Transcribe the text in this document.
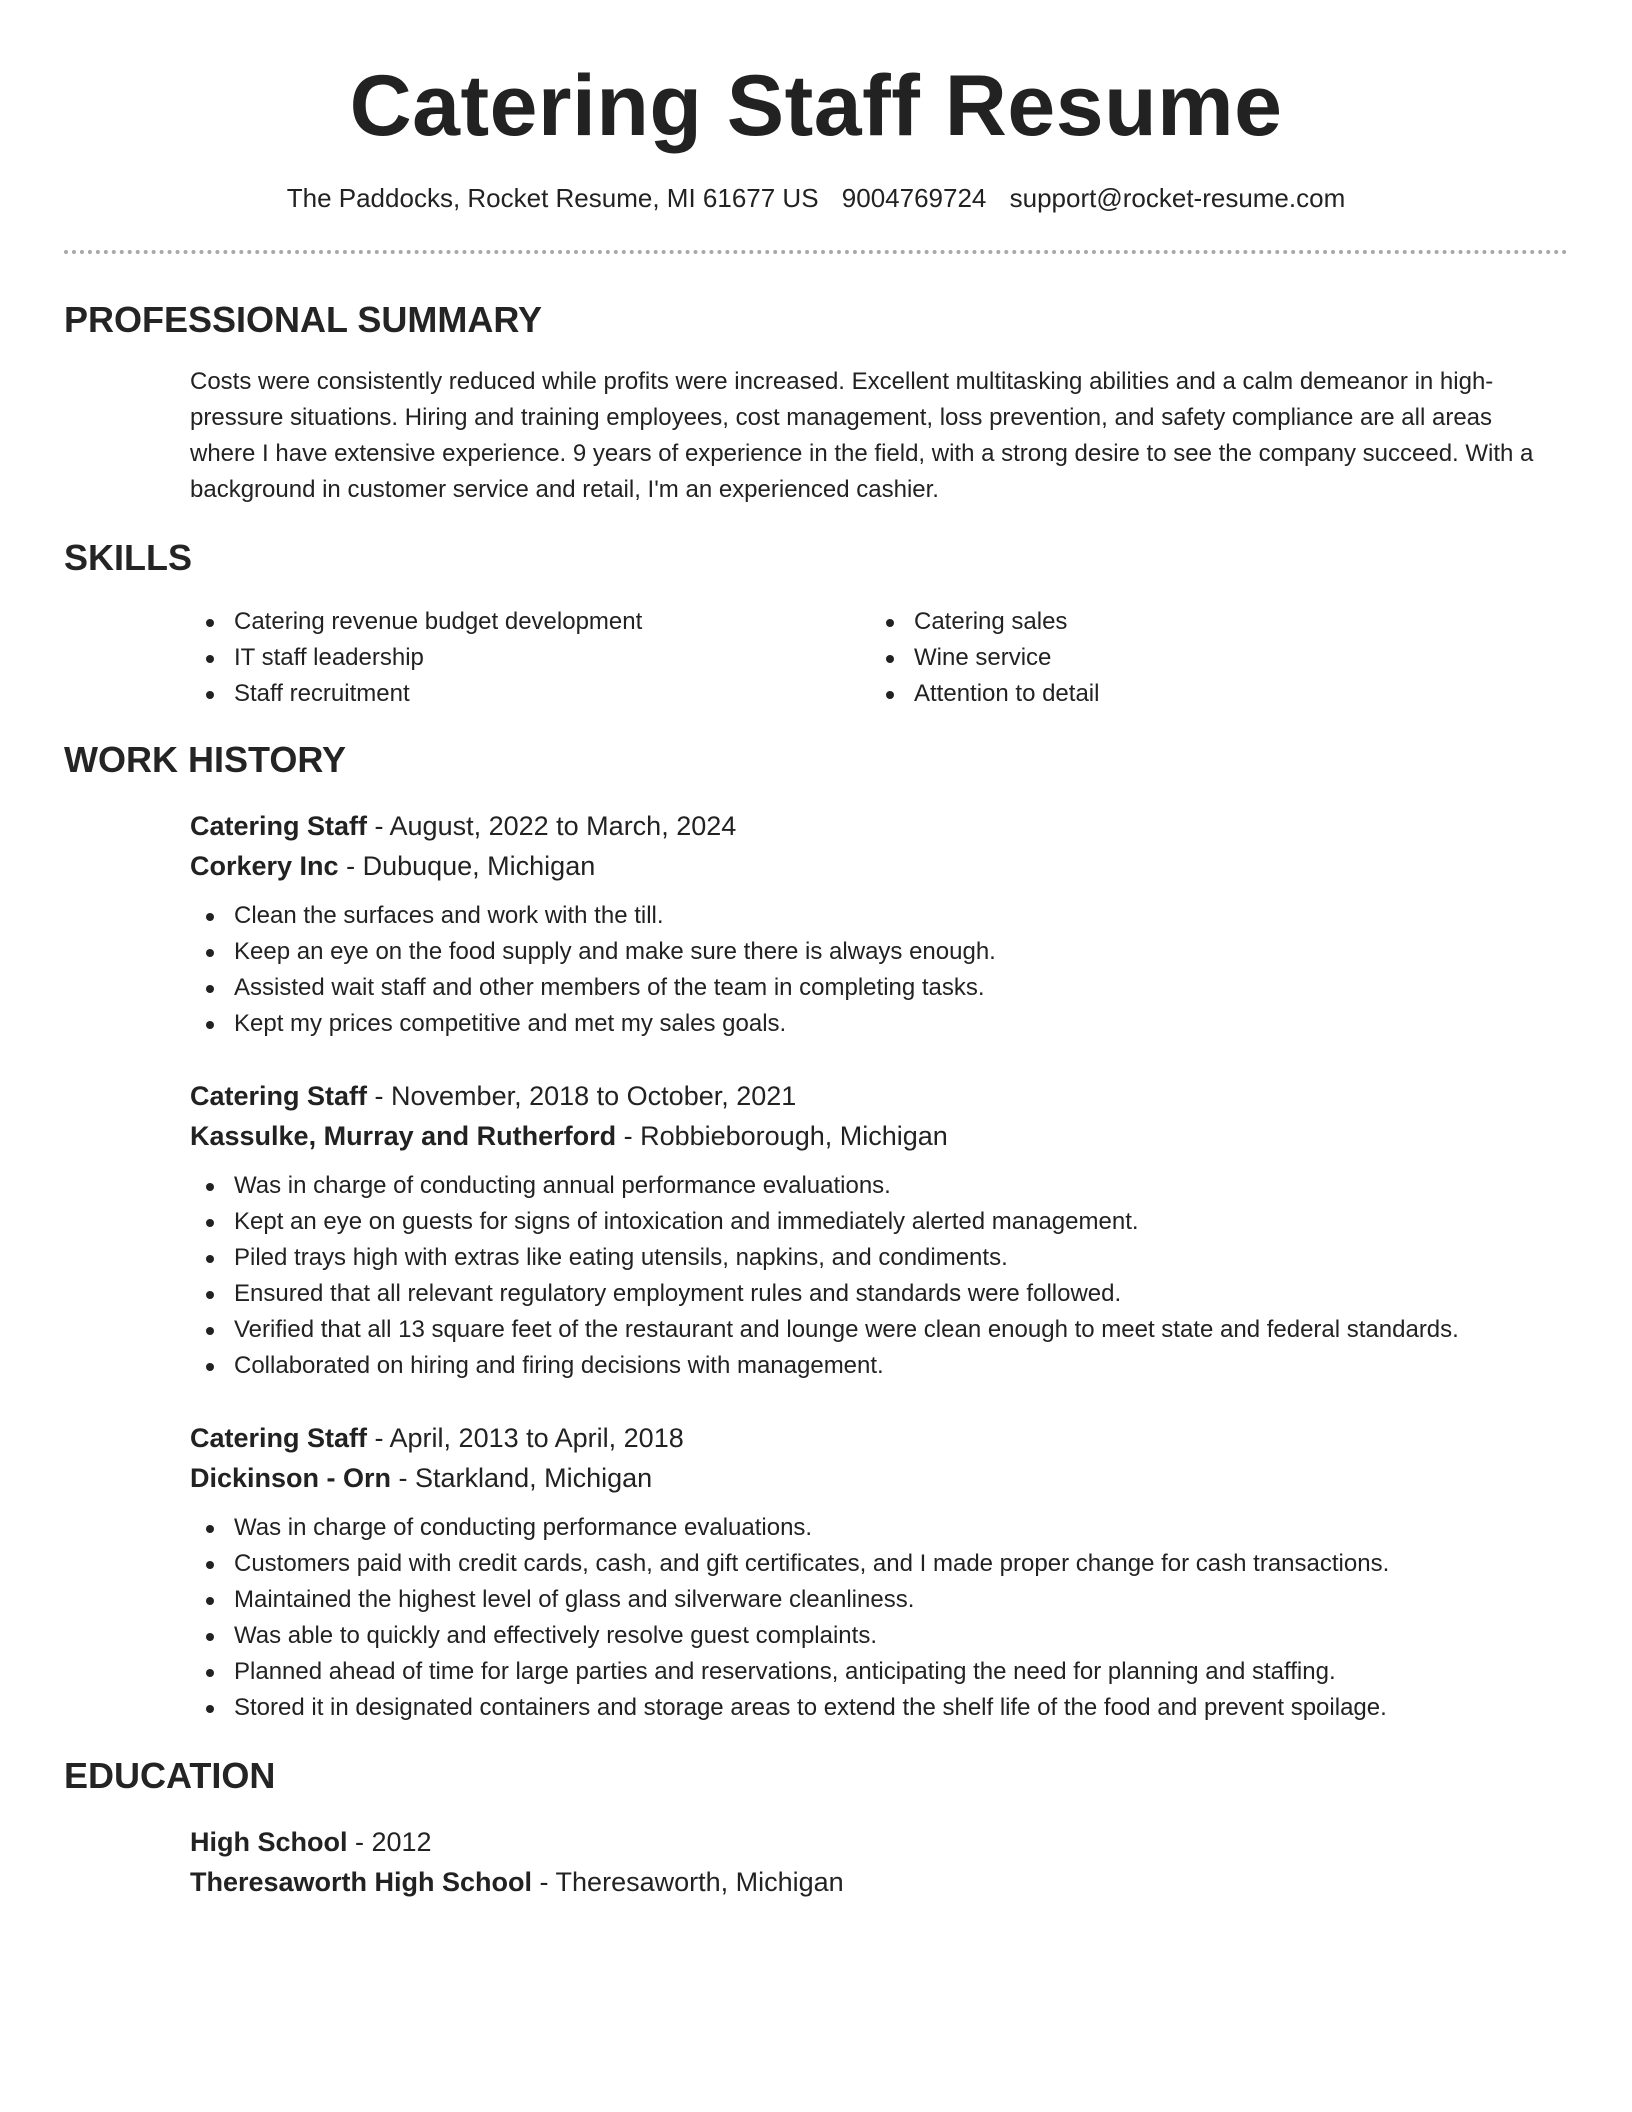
Catering Staff Resume
The Paddocks, Rocket Resume, MI 61677 US 9004769724 support@rocket-resume.com
PROFESSIONAL SUMMARY

Costs were consistently reduced while profits were increased. Excellent multitasking abilities and a calm demeanor in high-pressure situations. Hiring and training employees, cost management, loss prevention, and safety compliance are all areas where I have extensive experience. 9 years of experience in the field, with a strong desire to see the company succeed. With a background in customer service and retail, I'm an experienced cashier.

SKILLS
Catering revenue budget development
IT staff leadership
Staff recruitment
Catering sales
Wine service
Attention to detail
WORK HISTORY
Catering Staff - August, 2022 to March, 2024
Corkery Inc - Dubuque, Michigan
Clean the surfaces and work with the till.
Keep an eye on the food supply and make sure there is always enough.
Assisted wait staff and other members of the team in completing tasks.
Kept my prices competitive and met my sales goals.
Catering Staff - November, 2018 to October, 2021
Kassulke, Murray and Rutherford - Robbieborough, Michigan
Was in charge of conducting annual performance evaluations.
Kept an eye on guests for signs of intoxication and immediately alerted management.
Piled trays high with extras like eating utensils, napkins, and condiments.
Ensured that all relevant regulatory employment rules and standards were followed.
Verified that all 13 square feet of the restaurant and lounge were clean enough to meet state and federal standards.
Collaborated on hiring and firing decisions with management.
Catering Staff - April, 2013 to April, 2018
Dickinson - Orn - Starkland, Michigan
Was in charge of conducting performance evaluations.
Customers paid with credit cards, cash, and gift certificates, and I made proper change for cash transactions.
Maintained the highest level of glass and silverware cleanliness.
Was able to quickly and effectively resolve guest complaints.
Planned ahead of time for large parties and reservations, anticipating the need for planning and staffing.
Stored it in designated containers and storage areas to extend the shelf life of the food and prevent spoilage.
EDUCATION
High School - 2012
Theresaworth High School - Theresaworth, Michigan
